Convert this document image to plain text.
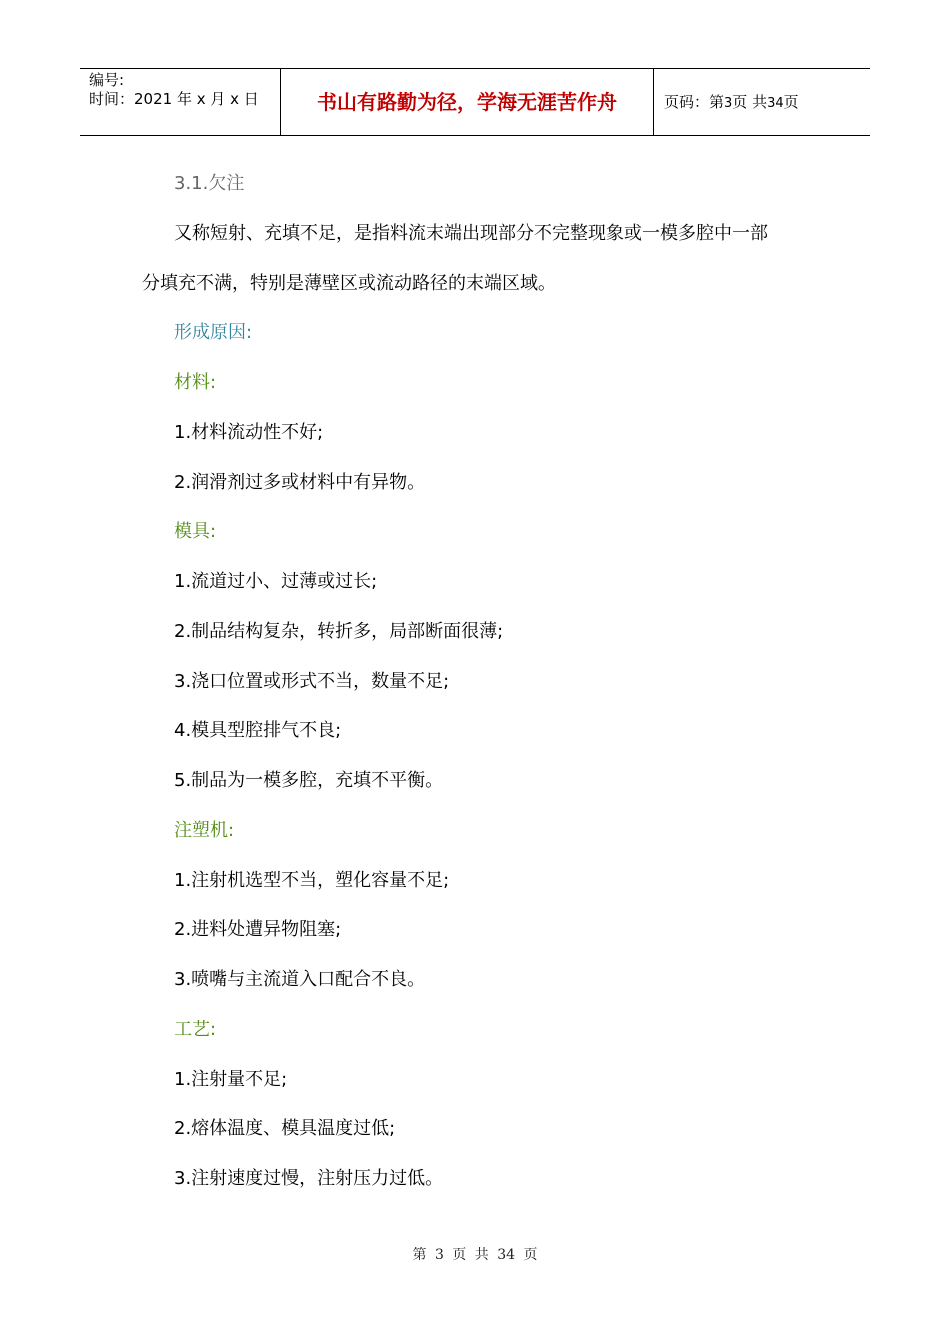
编号:
时间：2021 年 x 月 x 日	书山有路勤为径，学海无涯苦作舟	页码：第3页 共34页
3.1.欠注
又称短射、充填不足，是指料流末端出现部分不完整现象或一模多腔中一部
分填充不满，特别是薄壁区或流动路径的末端区域。
形成原因:
材料:
1.材料流动性不好;
2.润滑剂过多或材料中有异物。
模具:
1.流道过小、过薄或过长;
2.制品结构复杂，转折多，局部断面很薄;
3.浇口位置或形式不当，数量不足;
4.模具型腔排气不良;
5.制品为一模多腔，充填不平衡。
注塑机:
1.注射机选型不当，塑化容量不足;
2.进料处遭异物阻塞;
3.喷嘴与主流道入口配合不良。
工艺:
1.注射量不足;
2.熔体温度、模具温度过低;
3.注射速度过慢，注射压力过低。
第 3 页 共 34 页
